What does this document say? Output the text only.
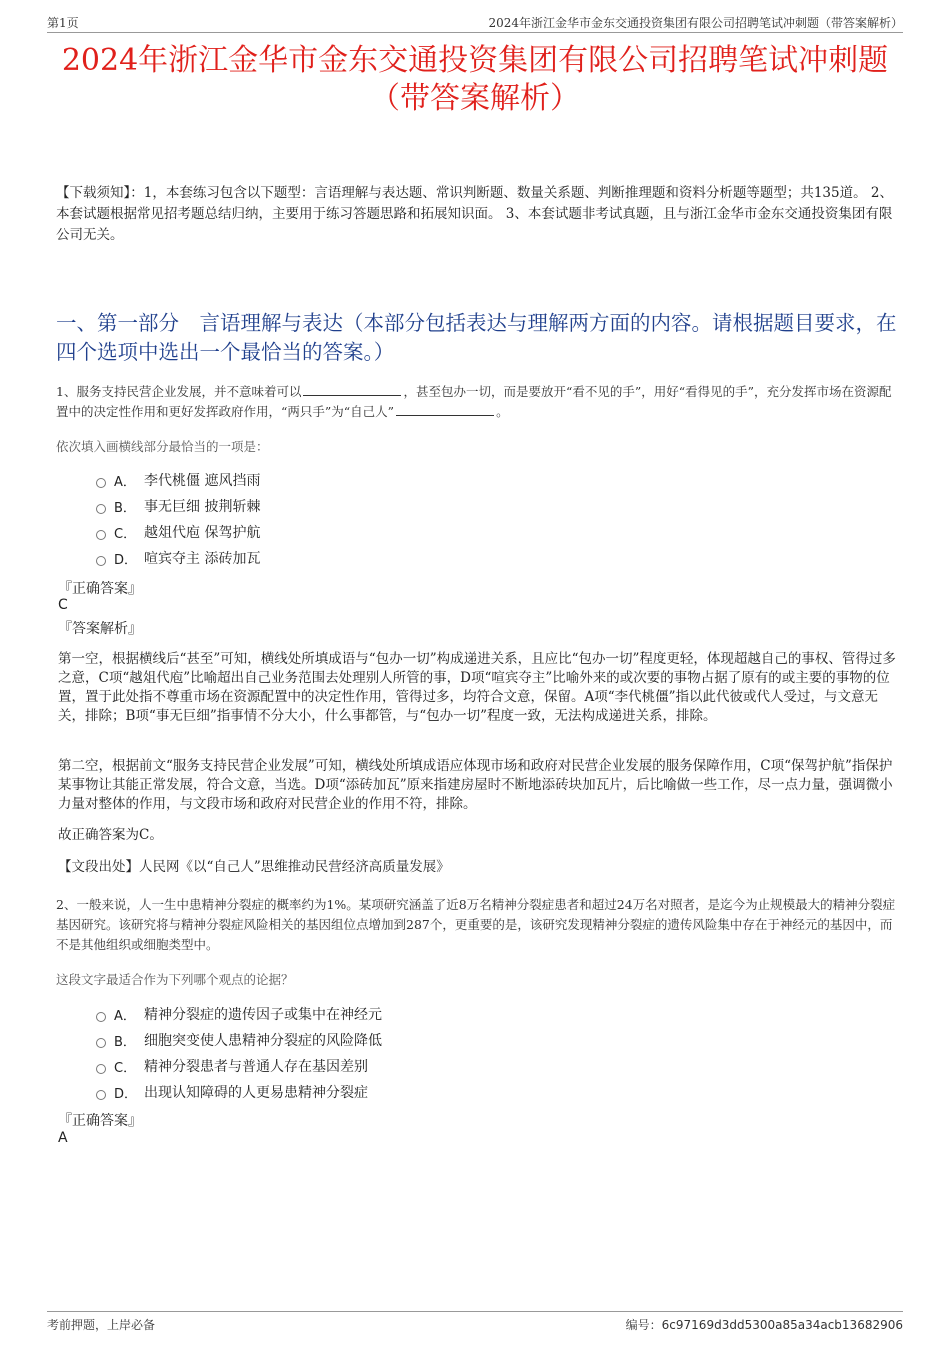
第1页	2024年浙江金华市金东交通投资集团有限公司招聘笔试冲刺题（带答案解析）
2024年浙江金华市金东交通投资集团有限公司招聘笔试冲刺题
（带答案解析）
【下载须知】：1，本套练习包含以下题型：言语理解与表达题、常识判断题、数量关系题、判断推理题和资料分析题等题型；共135道。 2、本套试题根据常见招考题总结归纳，主要用于练习答题思路和拓展知识面。 3、本套试题非考试真题，且与浙江金华市金东交通投资集团有限公司无关。
一、第一部分　言语理解与表达（本部分包括表达与理解两方面的内容。请根据题目要求，在四个选项中选出一个最恰当的答案。）
1、服务支持民营企业发展，并不意味着可以	，甚至包办一切，而是要放开“看不见的手”，用好“看得见的手”，充分发挥市场在资源配置中的决定性作用和更好发挥政府作用，“两只手”为“自己人”	。
依次填入画横线部分最恰当的一项是：
A． 李代桃僵 遮风挡雨
B． 事无巨细 披荆斩棘
C． 越俎代庖 保驾护航
D． 喧宾夺主 添砖加瓦
『正确答案』
C
『答案解析』
第一空，根据横线后“甚至”可知，横线处所填成语与“包办一切”构成递进关系，且应比“包办一切”程度更轻，体现超越自己的事权、管得过多之意，C项“越俎代庖”比喻超出自己业务范围去处理别人所管的事，D项“喧宾夺主”比喻外来的或次要的事物占据了原有的或主要的事物的位置，置于此处指不尊重市场在资源配置中的决定性作用，管得过多，均符合文意，保留。A项“李代桃僵”指以此代彼或代人受过，与文意无关，排除；B项“事无巨细”指事情不分大小，什么事都管，与“包办一切”程度一致，无法构成递进关系，排除。
第二空，根据前文“服务支持民营企业发展”可知，横线处所填成语应体现市场和政府对民营企业发展的服务保障作用，C项“保驾护航”指保护某事物让其能正常发展，符合文意，当选。D项“添砖加瓦”原来指建房屋时不断地添砖块加瓦片，后比喻做一些工作，尽一点力量，强调微小力量对整体的作用，与文段市场和政府对民营企业的作用不符，排除。
故正确答案为C。
【文段出处】人民网《以“自己人”思维推动民营经济高质量发展》
2、一般来说，人一生中患精神分裂症的概率约为1%。某项研究涵盖了近8万名精神分裂症患者和超过24万名对照者，是迄今为止规模最大的精神分裂症基因研究。该研究将与精神分裂症风险相关的基因组位点增加到287个，更重要的是，该研究发现精神分裂症的遗传风险集中存在于神经元的基因中，而不是其他组织或细胞类型中。
这段文字最适合作为下列哪个观点的论据？
A． 精神分裂症的遗传因子或集中在神经元
B． 细胞突变使人患精神分裂症的风险降低
C． 精神分裂患者与普通人存在基因差别
D． 出现认知障碍的人更易患精神分裂症
『正确答案』
A
考前押题，上岸必备	编号：6c97169d3dd5300a85a34acb13682906
